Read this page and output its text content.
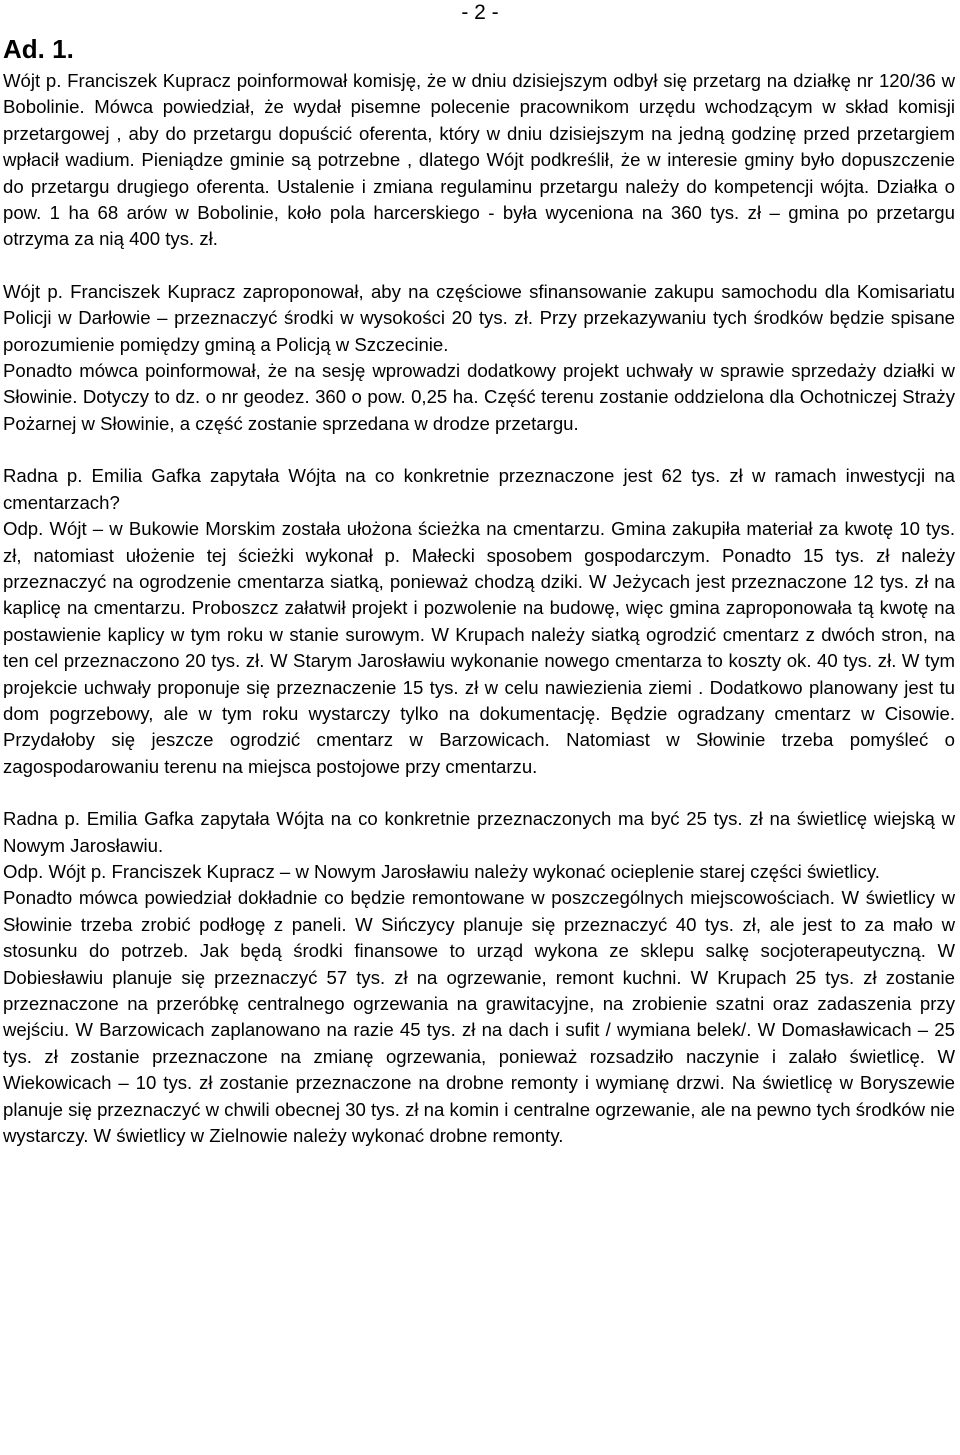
- 2 -
Ad. 1.

Wójt p. Franciszek Kupracz poinformował komisję, że w dniu dzisiejszym odbył się przetarg na działkę nr 120/36 w Bobolinie. Mówca powiedział, że wydał pisemne polecenie pracownikom urzędu wchodzącym w skład komisji przetargowej , aby do przetargu dopuścić oferenta, który w dniu dzisiejszym na jedną godzinę przed przetargiem wpłacił wadium. Pieniądze gminie są potrzebne , dlatego Wójt podkreślił, że w interesie gminy było dopuszczenie do przetargu drugiego oferenta. Ustalenie i zmiana regulaminu przetargu należy do kompetencji wójta. Działka o pow. 1 ha 68 arów w Bobolinie, koło pola harcerskiego - była wyceniona na 360 tys. zł – gmina po przetargu otrzyma za nią 400 tys. zł.

Wójt p. Franciszek Kupracz zaproponował, aby na częściowe sfinansowanie zakupu samochodu dla Komisariatu Policji w Darłowie – przeznaczyć środki w wysokości 20 tys. zł. Przy przekazywaniu tych środków będzie spisane porozumienie pomiędzy gminą a Policją w Szczecinie.

Ponadto mówca poinformował, że na sesję wprowadzi dodatkowy projekt uchwały w sprawie sprzedaży działki w Słowinie. Dotyczy to dz. o nr geodez. 360 o pow. 0,25 ha. Część terenu zostanie oddzielona dla Ochotniczej Straży Pożarnej w Słowinie, a część zostanie sprzedana w drodze przetargu.

Radna p. Emilia Gafka zapytała Wójta na co konkretnie przeznaczone jest 62 tys. zł w ramach inwestycji na cmentarzach?

Odp. Wójt – w Bukowie Morskim została ułożona ścieżka na cmentarzu. Gmina zakupiła materiał za kwotę 10 tys. zł, natomiast ułożenie tej ścieżki wykonał p. Małecki sposobem gospodarczym. Ponadto 15 tys. zł należy przeznaczyć na ogrodzenie cmentarza siatką, ponieważ chodzą dziki. W Jeżycach jest przeznaczone 12 tys. zł na kaplicę na cmentarzu. Proboszcz załatwił projekt i pozwolenie na budowę, więc gmina zaproponowała tą kwotę na postawienie kaplicy w tym roku w stanie surowym. W Krupach należy siatką ogrodzić cmentarz z dwóch stron, na ten cel przeznaczono 20 tys. zł. W Starym Jarosławiu wykonanie nowego cmentarza to koszty ok. 40 tys. zł. W tym projekcie uchwały proponuje się przeznaczenie 15 tys. zł w celu nawiezienia ziemi . Dodatkowo planowany jest tu dom pogrzebowy, ale w tym roku wystarczy tylko na dokumentację. Będzie ogradzany cmentarz w Cisowie. Przydałoby się jeszcze ogrodzić cmentarz w Barzowicach. Natomiast w Słowinie trzeba pomyśleć o zagospodarowaniu terenu na miejsca postojowe przy cmentarzu.

Radna p. Emilia Gafka zapytała Wójta na co konkretnie przeznaczonych ma być 25 tys. zł na świetlicę wiejską w Nowym Jarosławiu.

Odp. Wójt p. Franciszek Kupracz – w Nowym Jarosławiu należy wykonać ocieplenie starej części świetlicy.

Ponadto mówca powiedział dokładnie co będzie remontowane w poszczególnych miejscowościach. W świetlicy w Słowinie trzeba zrobić podłogę z paneli. W Sińczycy planuje się przeznaczyć 40 tys. zł, ale jest to za mało w stosunku do potrzeb. Jak będą środki finansowe to urząd wykona ze sklepu salkę socjoterapeutyczną. W Dobiesławiu planuje się przeznaczyć 57 tys. zł na ogrzewanie, remont kuchni. W Krupach 25 tys. zł zostanie przeznaczone na przeróbkę centralnego ogrzewania na grawitacyjne, na zrobienie szatni oraz zadaszenia przy wejściu. W Barzowicach zaplanowano na razie 45 tys. zł na dach i sufit / wymiana belek/. W Domasławicach – 25 tys. zł zostanie przeznaczone na zmianę ogrzewania, ponieważ rozsadziło naczynie i zalało świetlicę. W Wiekowicach – 10 tys. zł zostanie przeznaczone na drobne remonty i wymianę drzwi. Na świetlicę w Boryszewie planuje się przeznaczyć w chwili obecnej 30 tys. zł na komin i centralne ogrzewanie, ale na pewno tych środków nie wystarczy. W świetlicy w Zielnowie należy wykonać drobne remonty.
